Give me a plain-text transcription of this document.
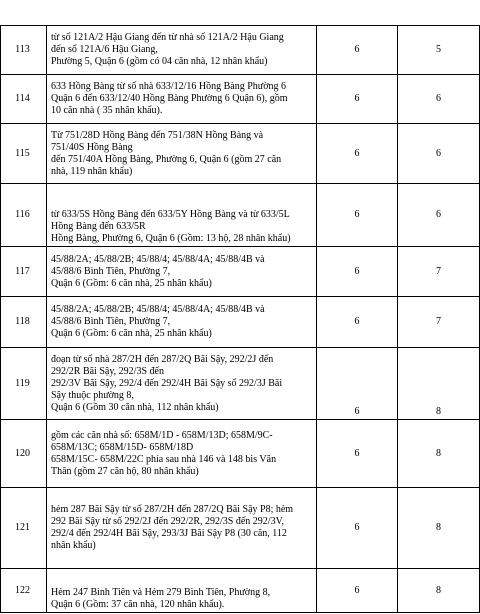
113	từ số 121A/2 Hậu Giang đến từ nhà số 121A/2 Hậu Giang
đến số 121A/6 Hậu Giang,
Phường 5, Quận 6 (gồm có 04 căn nhà, 12 nhân khẩu)	6	5
114	633 Hồng Bàng từ số nhà 633/12/16 Hồng Bàng Phường 6
Quận 6 đến 633/12/40 Hồng Bàng Phường 6 Quận 6), gồm
10 căn nhà ( 35 nhân khẩu).	6	6
115	Từ 751/28D Hồng Bàng đến 751/38N Hồng Bàng và
751/40S Hồng Bàng
đến 751/40A Hồng Bàng, Phường 6, Quận 6 (gồm 27 căn
nhà, 119 nhân khẩu)	6	6
116	từ 633/5S Hồng Bàng đến 633/5Y Hồng Bàng và từ 633/5L
Hồng Bàng đến 633/5R
Hồng Bàng, Phường 6, Quận 6 (Gồm: 13 hộ, 28 nhân khẩu)	6	6
117	45/88/2A; 45/88/2B; 45/88/4; 45/88/4A; 45/88/4B và
45/88/6 Bình Tiên, Phường 7,
Quận 6 (Gồm: 6 căn nhà, 25 nhân khẩu)	6	7
118	45/88/2A; 45/88/2B; 45/88/4; 45/88/4A; 45/88/4B và
45/88/6 Bình Tiên, Phường 7,
Quận 6 (Gồm: 6 căn nhà, 25 nhân khẩu)	6	7
119	đoạn từ số nhà 287/2H đến 287/2Q Bãi Sậy, 292/2J đến
292/2R Bãi Sậy, 292/3S đến
292/3V Bãi Sậy, 292/4 đến 292/4H Bãi Sậy số 292/3J Bãi
Sậy thuộc phường 8,
Quận 6 (Gồm 30 căn nhà, 112 nhân khẩu)	6	8
120	gồm các căn nhà số: 658M/1D - 658M/13D; 658M/9C-
658M/13C; 658M/15D- 658M/18D
658M/15C- 658M/22C phía sau nhà 146 và 148 bis Văn
Thân (gồm 27 căn hộ, 80 nhân khẩu)	6	8
121	hẻm 287 Bãi Sậy từ số 287/2H đến 287/2Q Bãi Sậy P8; hẻm
292 Bãi Sậy từ số 292/2J đến 292/2R, 292/3S đến 292/3V,
292/4 đến 292/4H Bãi Sậy, 293/3J Bãi Sậy P8 (30 căn, 112
nhân khẩu)	6	8
122	Hẻm 247 Bình Tiên và Hẻm 279 Bình Tiên, Phường 8,
Quận 6 (Gồm: 37 căn nhà, 120 nhân khẩu).	6	8
